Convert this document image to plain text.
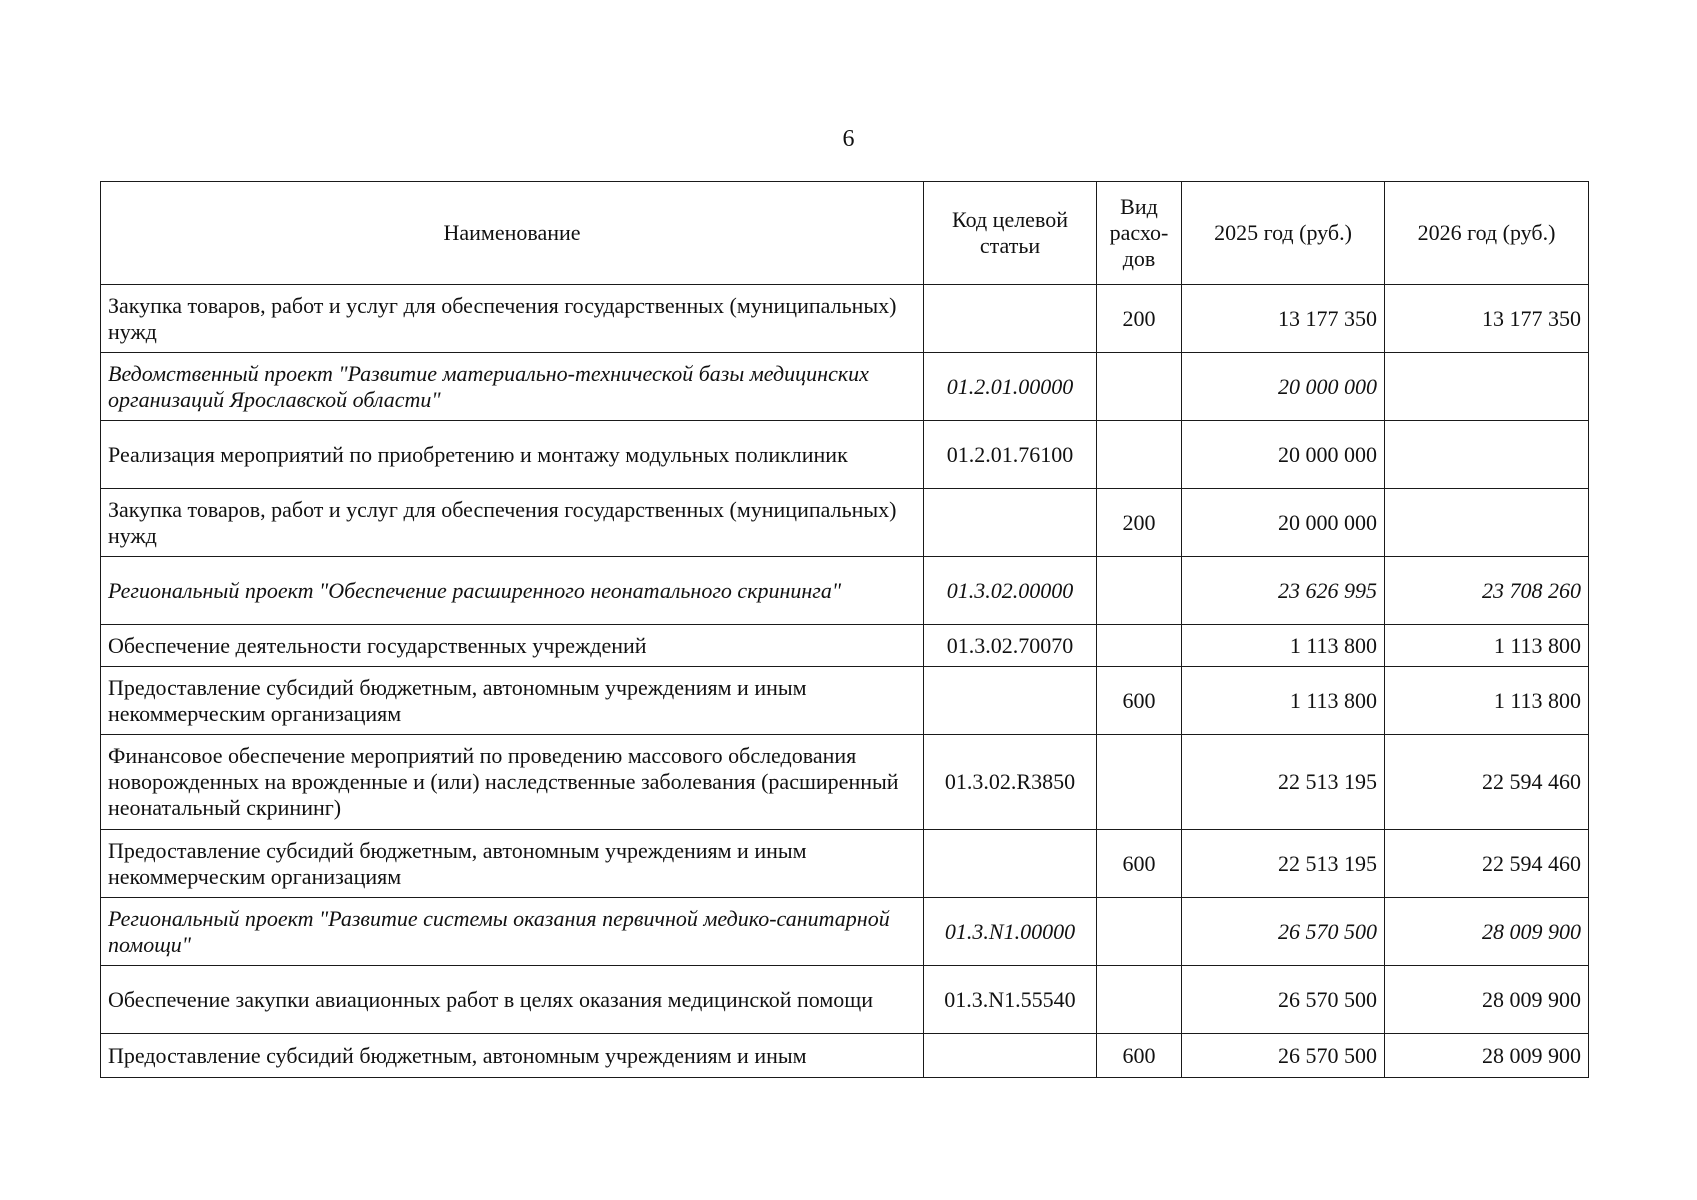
6
Наименование	Код целевой статьи	Вид расхо-дов	2025 год (руб.)	2026 год (руб.)
Закупка товаров, работ и услуг для обеспечения государственных (муниципальных) нужд		200	13 177 350	13 177 350
Ведомственный проект "Развитие материально-технической базы медицинских организаций Ярославской области"	01.2.01.00000		20 000 000	
Реализация мероприятий по приобретению и монтажу модульных поликлиник	01.2.01.76100		20 000 000	
Закупка товаров, работ и услуг для обеспечения государственных (муниципальных) нужд		200	20 000 000	
Региональный проект "Обеспечение расширенного неонатального скрининга"	01.3.02.00000		23 626 995	23 708 260
Обеспечение деятельности государственных учреждений	01.3.02.70070		1 113 800	1 113 800
Предоставление субсидий бюджетным, автономным учреждениям и иным некоммерческим организациям		600	1 113 800	1 113 800
Финансовое обеспечение мероприятий по проведению массового обследования новорожденных на врожденные и (или) наследственные заболевания (расширенный неонатальный скрининг)	01.3.02.R3850		22 513 195	22 594 460
Предоставление субсидий бюджетным, автономным учреждениям и иным некоммерческим организациям		600	22 513 195	22 594 460
Региональный проект "Развитие системы оказания первичной медико-санитарной помощи"	01.3.N1.00000		26 570 500	28 009 900
Обеспечение закупки авиационных работ в целях оказания медицинской помощи	01.3.N1.55540		26 570 500	28 009 900
Предоставление субсидий бюджетным, автономным учреждениям и иным		600	26 570 500	28 009 900
